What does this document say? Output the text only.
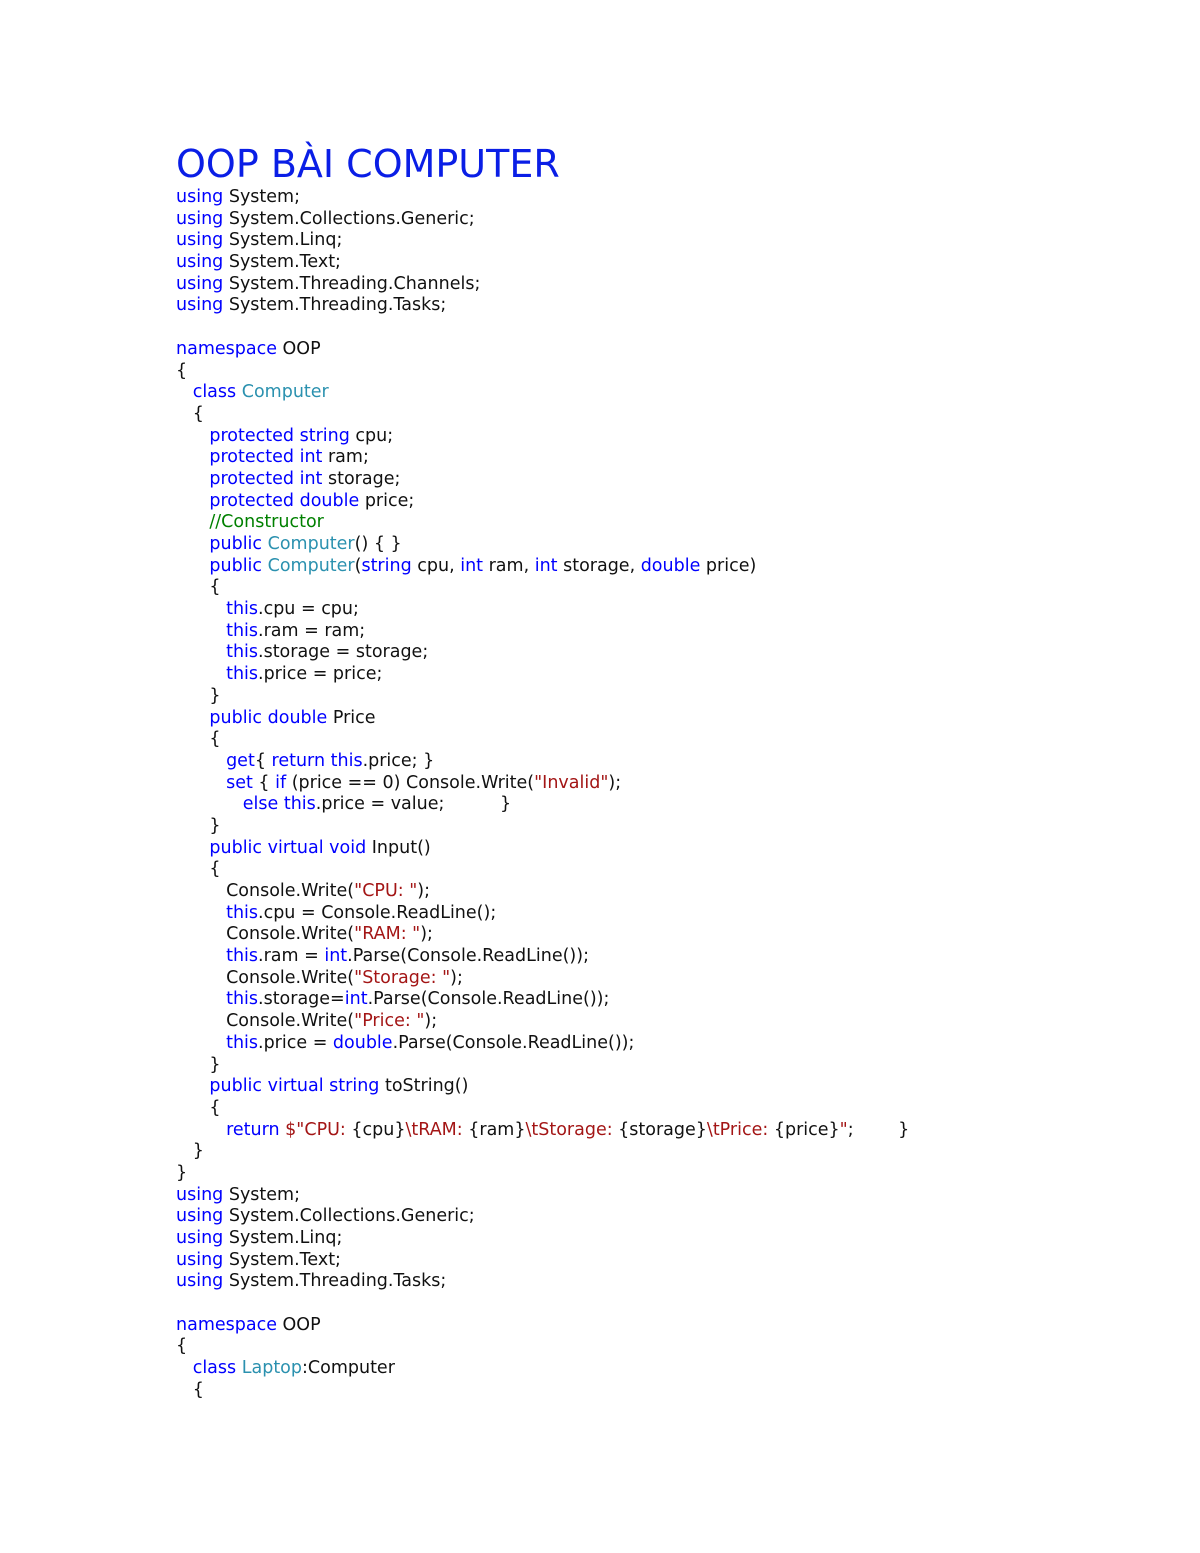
OOP BÀI COMPUTER
using System;
using System.Collections.Generic;
using System.Linq;
using System.Text;
using System.Threading.Channels;
using System.Threading.Tasks;

namespace OOP
{
class Computer
{
protected string cpu;
protected int ram;
protected int storage;
protected double price;
//Constructor
public Computer() { }
public Computer(string cpu, int ram, int storage, double price)
{
this.cpu = cpu;
this.ram = ram;
this.storage = storage;
this.price = price;
}
public double Price
{
get{ return this.price; }
set { if (price == 0) Console.Write("Invalid");
else this.price = value;          }
}
public virtual void Input()
{
Console.Write("CPU: ");
this.cpu = Console.ReadLine();
Console.Write("RAM: ");
this.ram = int.Parse(Console.ReadLine());
Console.Write("Storage: ");
this.storage=int.Parse(Console.ReadLine());
Console.Write("Price: ");
this.price = double.Parse(Console.ReadLine());
}
public virtual string toString()
{
return $"CPU: {cpu}\tRAM: {ram}\tStorage: {storage}\tPrice: {price}";        }
}
}
using System;
using System.Collections.Generic;
using System.Linq;
using System.Text;
using System.Threading.Tasks;

namespace OOP
{
class Laptop:Computer
{
